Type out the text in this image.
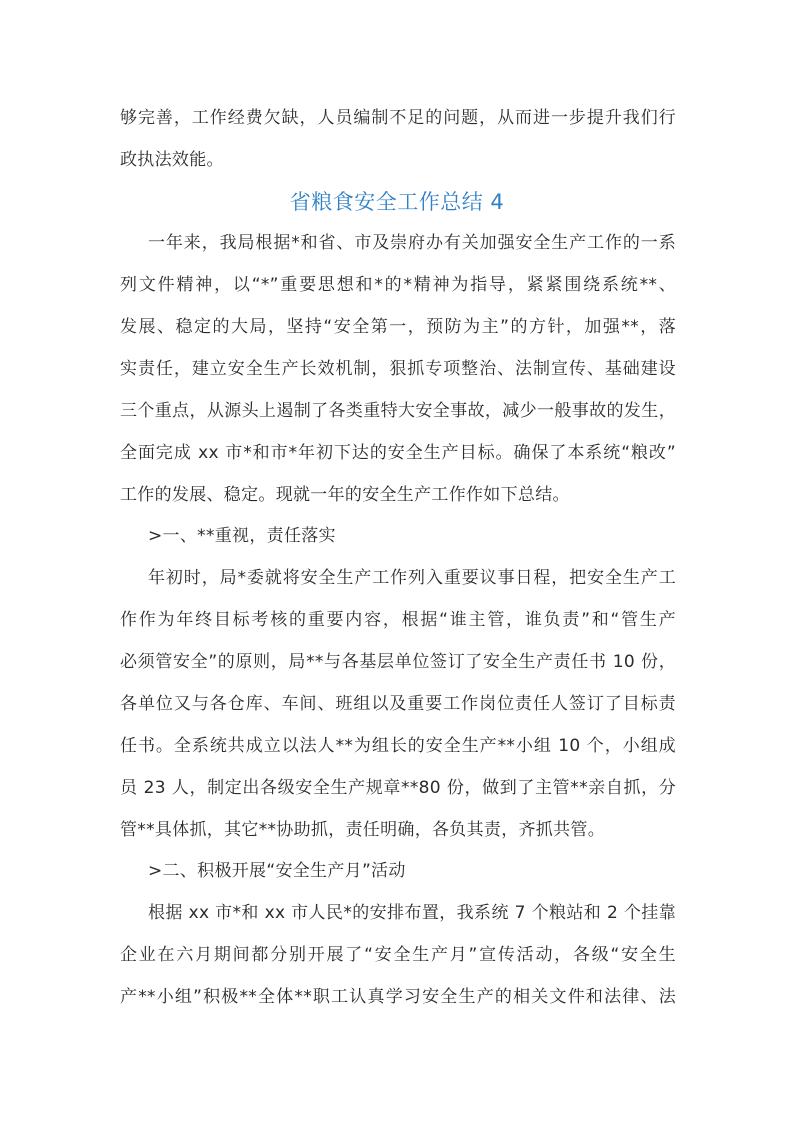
够完善，工作经费欠缺，人员编制不足的问题，从而进一步提升我们行
政执法效能。
省粮食安全工作总结 4
一年来，我局根据*和省、市及崇府办有关加强安全生产工作的一系
列文件精神，以“*”重要思想和*的*精神为指导，紧紧围绕系统**、
发展、稳定的大局，坚持“安全第一，预防为主”的方针，加强**，落
实责任，建立安全生产长效机制，狠抓专项整治、法制宣传、基础建设
三个重点，从源头上遏制了各类重特大安全事故，减少一般事故的发生，
全面完成 xx 市*和市*年初下达的安全生产目标。确保了本系统“粮改”
工作的发展、稳定。现就一年的安全生产工作作如下总结。
>一、**重视，责任落实
年初时，局*委就将安全生产工作列入重要议事日程，把安全生产工
作作为年终目标考核的重要内容，根据“谁主管，谁负责”和“管生产
必须管安全”的原则，局**与各基层单位签订了安全生产责任书 10 份，
各单位又与各仓库、车间、班组以及重要工作岗位责任人签订了目标责
任书。全系统共成立以法人**为组长的安全生产**小组 10 个，小组成
员 23 人，制定出各级安全生产规章**80 份，做到了主管**亲自抓，分
管**具体抓，其它**协助抓，责任明确，各负其责，齐抓共管。
>二、积极开展“安全生产月”活动
根据 xx 市*和 xx 市人民*的安排布置，我系统 7 个粮站和 2 个挂靠
企业在六月期间都分别开展了“安全生产月”宣传活动，各级“安全生
产**小组”积极**全体**职工认真学习安全生产的相关文件和法律、法
